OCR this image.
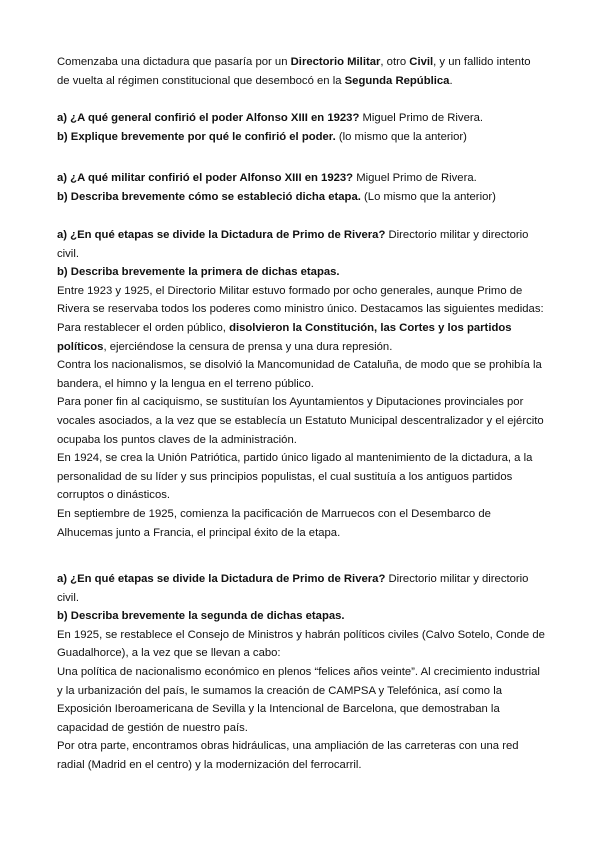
Comenzaba una dictadura que pasaría por un Directorio Militar, otro Civil, y un fallido intento de vuelta al régimen constitucional que desembocó en la Segunda República.

a) ¿A qué general confirió el poder Alfonso XIII en 1923? Miguel Primo de Rivera.

b) Explique brevemente por qué le confirió el poder. (lo mismo que la anterior)

a) ¿A qué militar confirió el poder Alfonso XIII en 1923? Miguel Primo de Rivera.

b) Describa brevemente cómo se estableció dicha etapa. (Lo mismo que la anterior)

a) ¿En qué etapas se divide la Dictadura de Primo de Rivera? Directorio militar y directorio civil.

b) Describa brevemente la primera de dichas etapas.

Entre 1923 y 1925, el Directorio Militar estuvo formado por ocho generales, aunque Primo de Rivera se reservaba todos los poderes como ministro único. Destacamos las siguientes medidas:

Para restablecer el orden público, disolvieron la Constitución, las Cortes y los partidos políticos, ejerciéndose la censura de prensa y una dura represión.

Contra los nacionalismos, se disolvió la Mancomunidad de Cataluña, de modo que se prohibía la bandera, el himno y la lengua en el terreno público.

Para poner fin al caciquismo, se sustituían los Ayuntamientos y Diputaciones provinciales por vocales asociados, a la vez que se establecía un Estatuto Municipal descentralizador y el ejército ocupaba los puntos claves de la administración.

En 1924, se crea la Unión Patriótica, partido único ligado al mantenimiento de la dictadura, a la personalidad de su líder y sus principios populistas, el cual sustituía a los antiguos partidos corruptos o dinásticos.

En septiembre de 1925, comienza la pacificación de Marruecos con el Desembarco de Alhucemas junto a Francia, el principal éxito de la etapa.

a) ¿En qué etapas se divide la Dictadura de Primo de Rivera? Directorio militar y directorio civil.

b) Describa brevemente la segunda de dichas etapas.

En 1925, se restablece el Consejo de Ministros y habrán políticos civiles (Calvo Sotelo, Conde de Guadalhorce), a la vez que se llevan a cabo:

Una política de nacionalismo económico en plenos “felices años veinte”. Al crecimiento industrial y la urbanización del país, le sumamos la creación de CAMPSA y Telefónica, así como la Exposición Iberoamericana de Sevilla y la Intencional de Barcelona, que demostraban la capacidad de gestión de nuestro país.

Por otra parte, encontramos obras hidráulicas, una ampliación de las carreteras con una red radial (Madrid en el centro) y la modernización del ferrocarril.
